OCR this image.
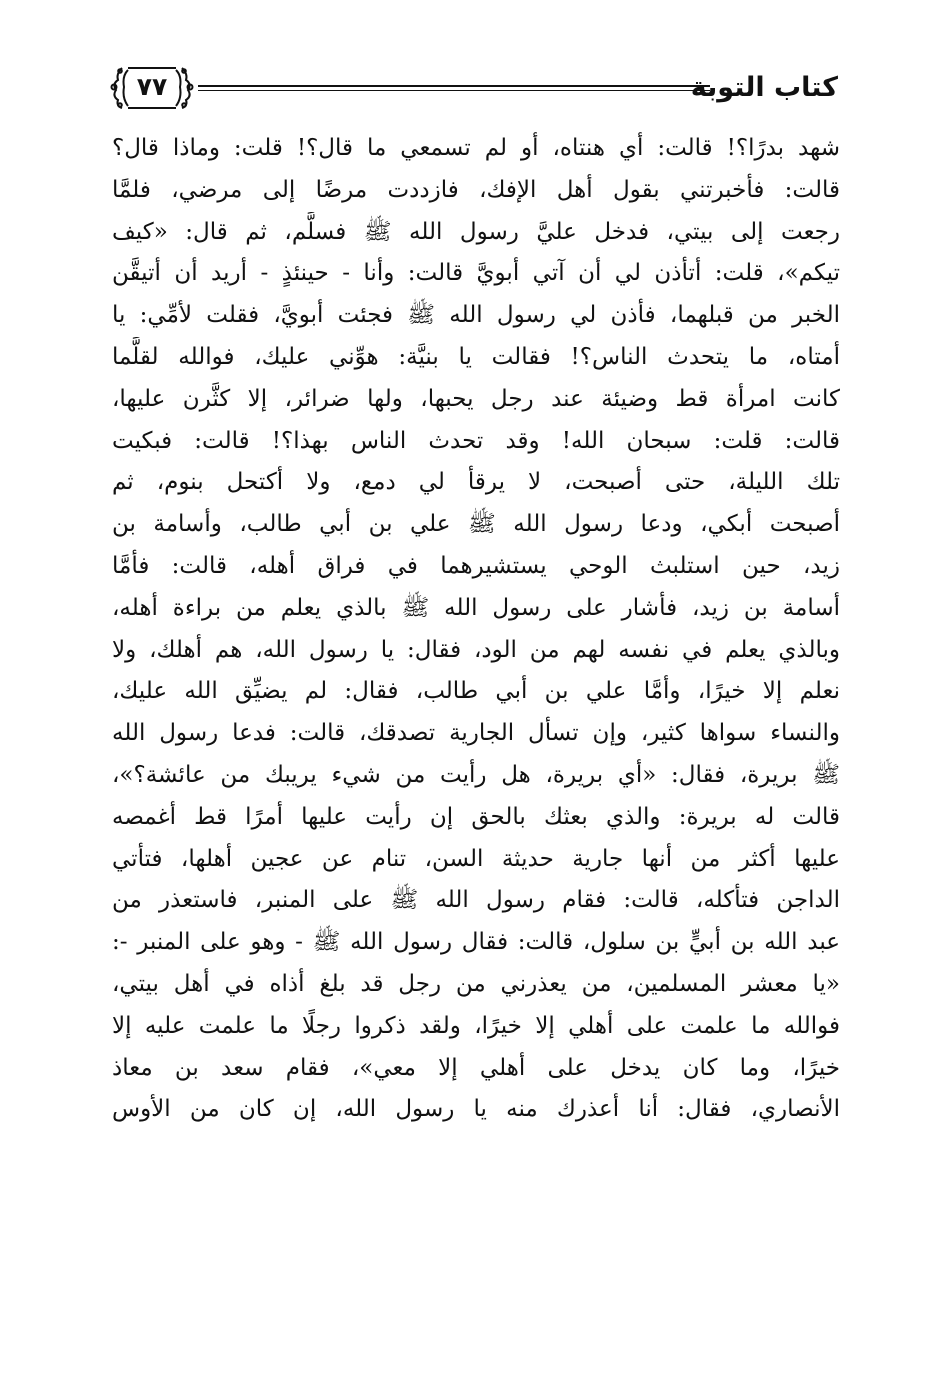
كتاب التوبة
٧٧
شهد بدرًا؟! قالت: أي هنتاه، أو لم تسمعي ما قال؟! قلت: وماذا قال؟
قالت: فأخبرتني بقول أهل الإفك، فازددت مرضًا إلى مرضي، فلمَّا
رجعت إلى بيتي، فدخل عليَّ رسول الله ﷺ فسلَّم، ثم قال: «كيف
تيكم»، قلت: أتأذن لي أن آتي أبويَّ قالت: وأنا - حينئذٍ - أريد أن أتيقَّن
الخبر من قبلهما، فأذن لي رسول الله ﷺ فجئت أبويَّ، فقلت لأمِّي: يا
أمتاه، ما يتحدث الناس؟! فقالت يا بنيَّة: هوِّني عليك، فوالله لقلَّما
كانت امرأة قط وضيئة عند رجل يحبها، ولها ضرائر، إلا كثَّرن عليها،
قالت: قلت: سبحان الله! وقد تحدث الناس بهذا؟! قالت: فبكيت
تلك الليلة، حتى أصبحت، لا يرقأ لي دمع، ولا أكتحل بنوم، ثم
أصبحت أبكي، ودعا رسول الله ﷺ علي بن أبي طالب، وأسامة بن
زيد، حين استلبث الوحي يستشيرهما في فراق أهله، قالت: فأمَّا
أسامة بن زيد، فأشار على رسول الله ﷺ بالذي يعلم من براءة أهله،
وبالذي يعلم في نفسه لهم من الود، فقال: يا رسول الله، هم أهلك، ولا
نعلم إلا خيرًا، وأمَّا علي بن أبي طالب، فقال: لم يضيِّق الله عليك،
والنساء سواها كثير، وإن تسأل الجارية تصدقك، قالت: فدعا رسول الله
ﷺ بريرة، فقال: «أي بريرة، هل رأيت من شيء يريبك من عائشة؟»،
قالت له بريرة: والذي بعثك بالحق إن رأيت عليها أمرًا قط أغمصه
عليها أكثر من أنها جارية حديثة السن، تنام عن عجين أهلها، فتأتي
الداجن فتأكله، قالت: فقام رسول الله ﷺ على المنبر، فاستعذر من
عبد الله بن أبيٍّ بن سلول، قالت: فقال رسول الله ﷺ - وهو على المنبر -:
«يا معشر المسلمين، من يعذرني من رجل قد بلغ أذاه في أهل بيتي،
فوالله ما علمت على أهلي إلا خيرًا، ولقد ذكروا رجلًا ما علمت عليه إلا
خيرًا، وما كان يدخل على أهلي إلا معي»، فقام سعد بن معاذ
الأنصاري، فقال: أنا أعذرك منه يا رسول الله، إن كان من الأوس
